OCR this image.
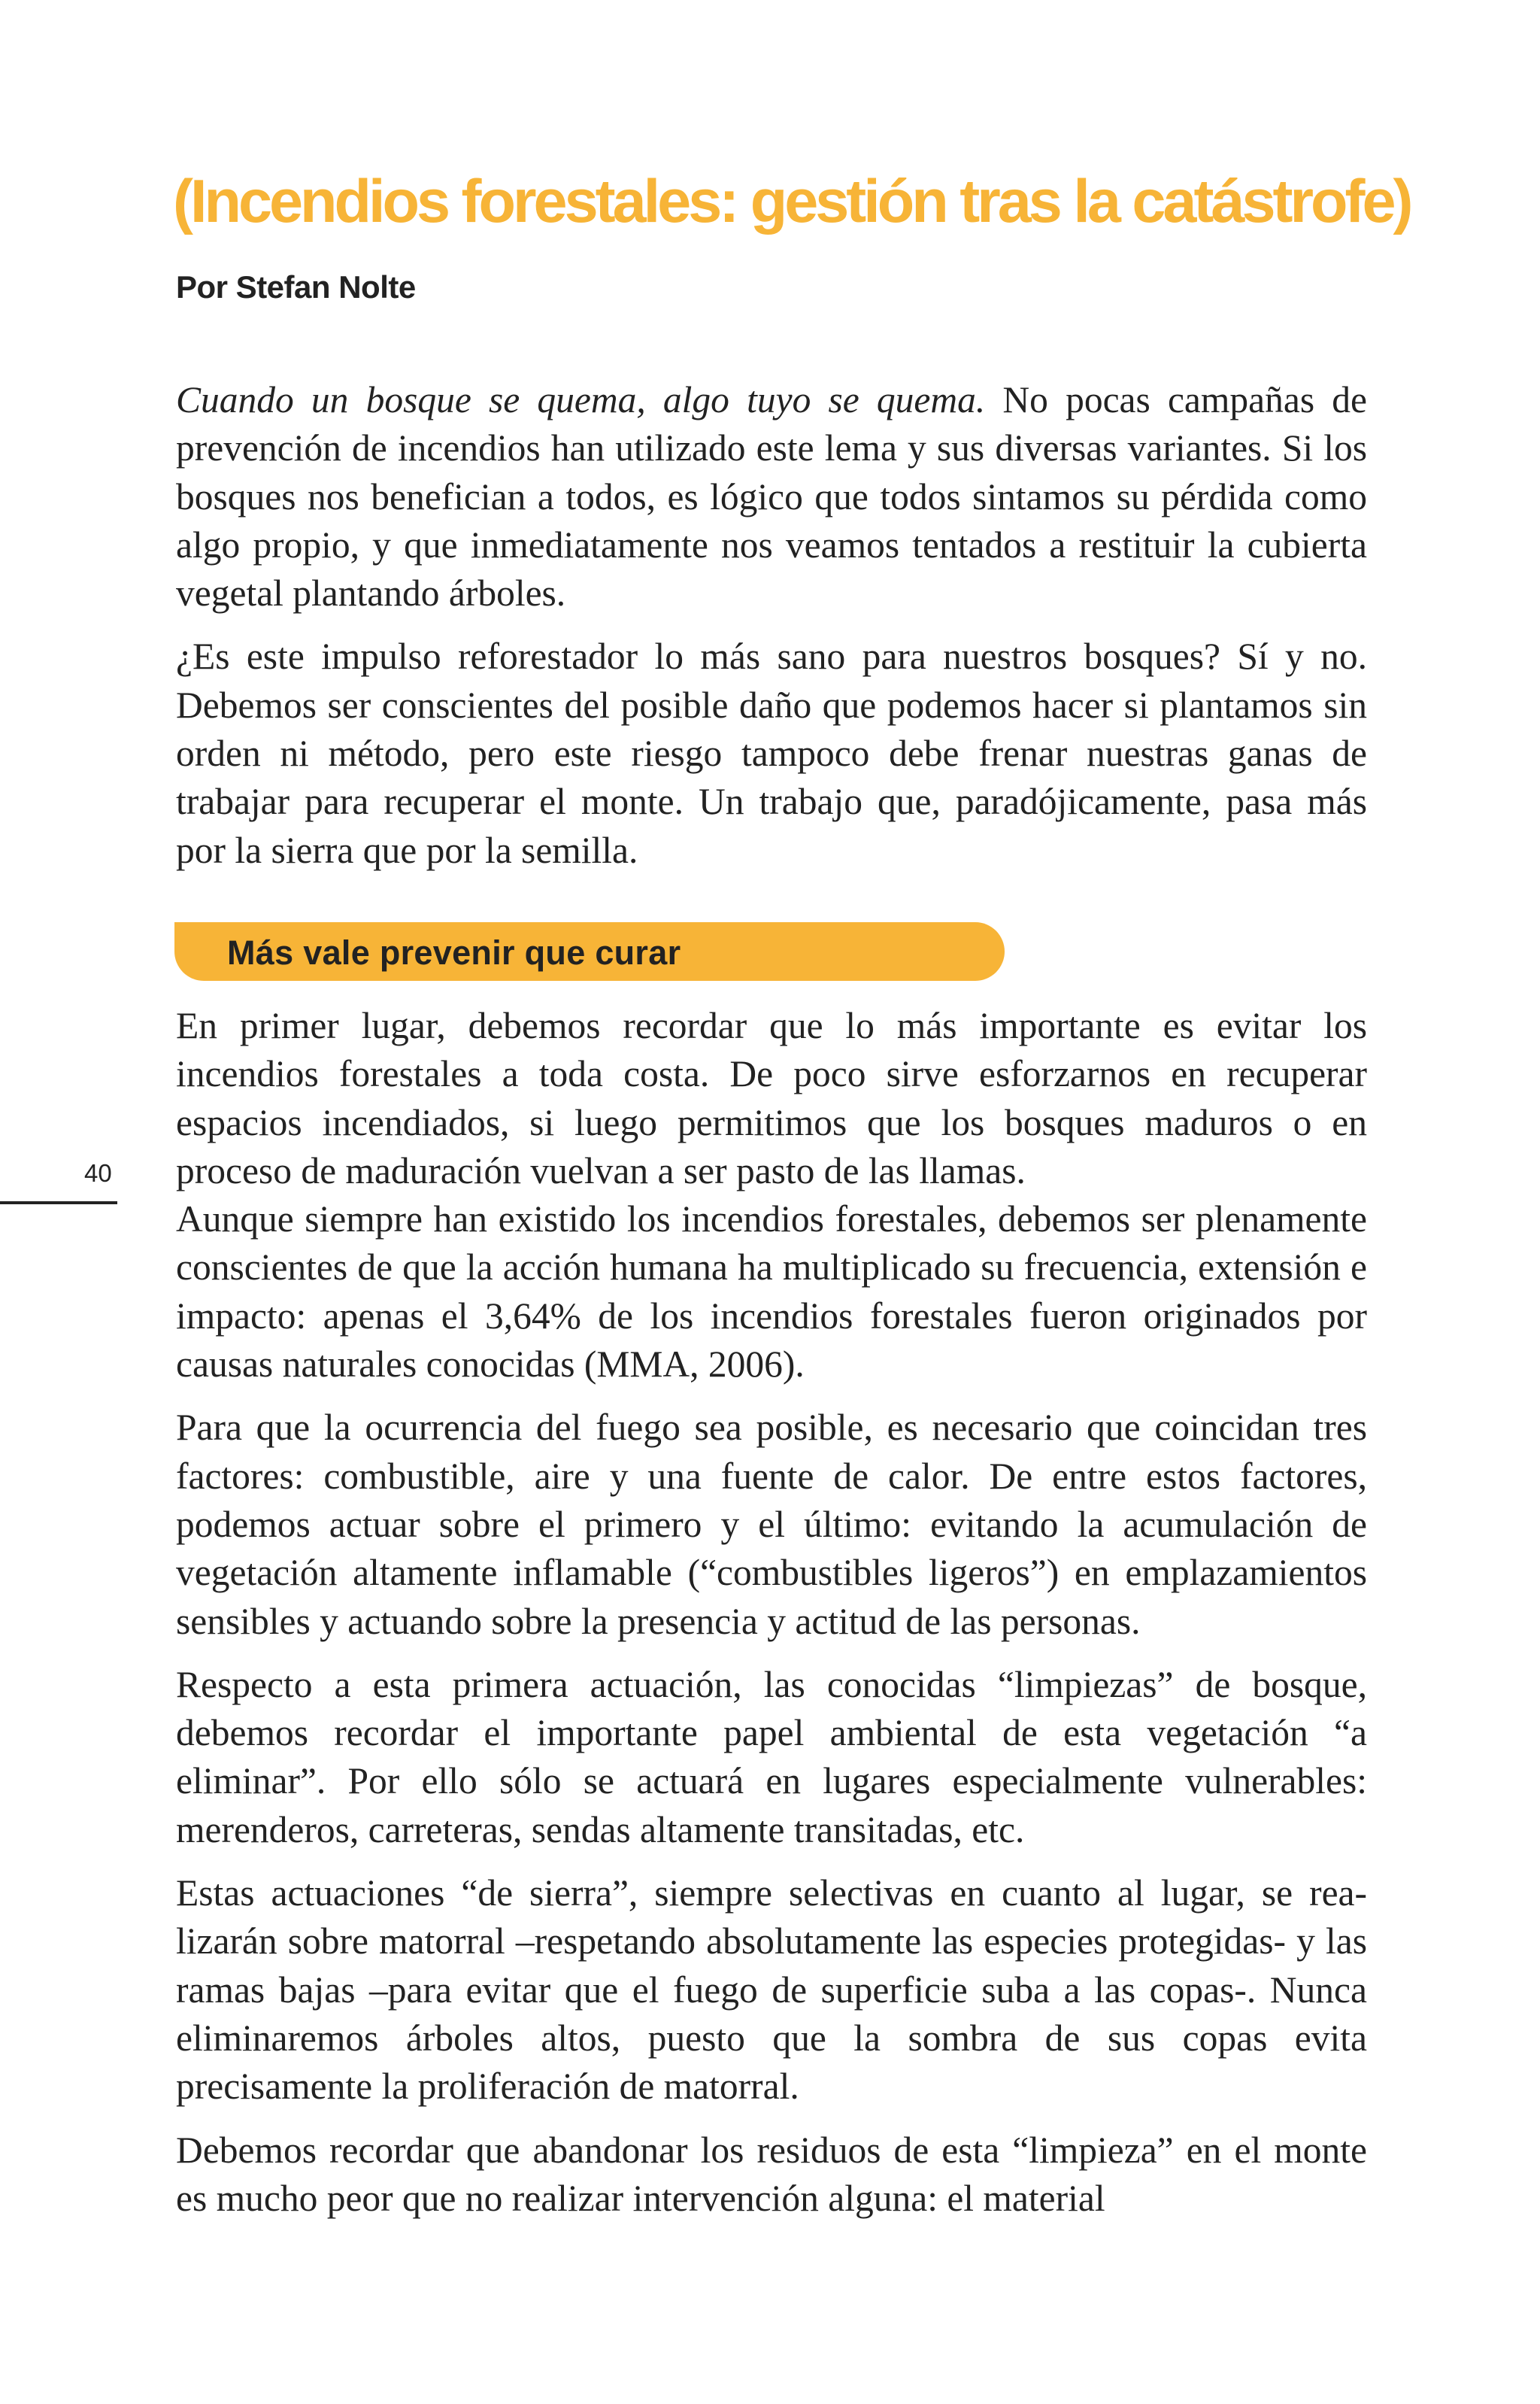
(Incendios forestales: gestión tras la catástrofe)

Por Stefan Nolte

Cuando un bosque se quema, algo tuyo se quema. No pocas campañas de prevención de incendios han utilizado este lema y sus diversas variantes. Si los bosques nos benefician a todos, es lógico que todos sintamos su pérdida como algo propio, y que inmediatamente nos veamos tentados a restituir la cubierta vegetal plantando árboles.

¿Es este impulso reforestador lo más sano para nuestros bosques? Sí y no. Debemos ser conscientes del posible daño que podemos hacer si plantamos sin orden ni método, pero este riesgo tampoco debe frenar nuestras ganas de trabajar para recuperar el monte. Un trabajo que, paradójicamente, pasa más por la sierra que por la semilla.

Más vale prevenir que curar

En primer lugar, debemos recordar que lo más importante es evitar los incendios forestales a toda costa. De poco sirve esforzarnos en recuperar espacios incendiados, si luego permitimos que los bosques maduros o en proceso de maduración vuelvan a ser pasto de las llamas.

Aunque siempre han existido los incendios forestales, debemos ser plenamente conscientes de que la acción humana ha multiplicado su frecuencia, extensión e impacto: apenas el 3,64% de los incendios forestales fueron originados por causas naturales conocidas (MMA, 2006).

Para que la ocurrencia del fuego sea posible, es necesario que coincidan tres factores: combustible, aire y una fuente de calor. De entre estos factores, podemos actuar sobre el primero y el último: evitando la acumulación de vegetación altamente inflamable (“combustibles ligeros”) en emplazamientos sensibles y actuando sobre la presencia y actitud de las personas.

Respecto a esta primera actuación, las conocidas “limpiezas” de bosque, debemos recordar el importante papel ambiental de esta vegetación “a eliminar”. Por ello sólo se actuará en lugares especialmente vulnerables: merenderos, carreteras, sendas altamente transitadas, etc.

Estas actuaciones “de sierra”, siempre selectivas en cuanto al lugar, se realizarán sobre matorral –respetando absolutamente las especies protegidas- y las ramas bajas –para evitar que el fuego de superficie suba a las copas-. Nunca eliminaremos árboles altos, puesto que la sombra de sus copas evita precisamente la proliferación de matorral.

Debemos recordar que abandonar los residuos de esta “limpieza” en el monte es mucho peor que no realizar intervención alguna: el material

40
